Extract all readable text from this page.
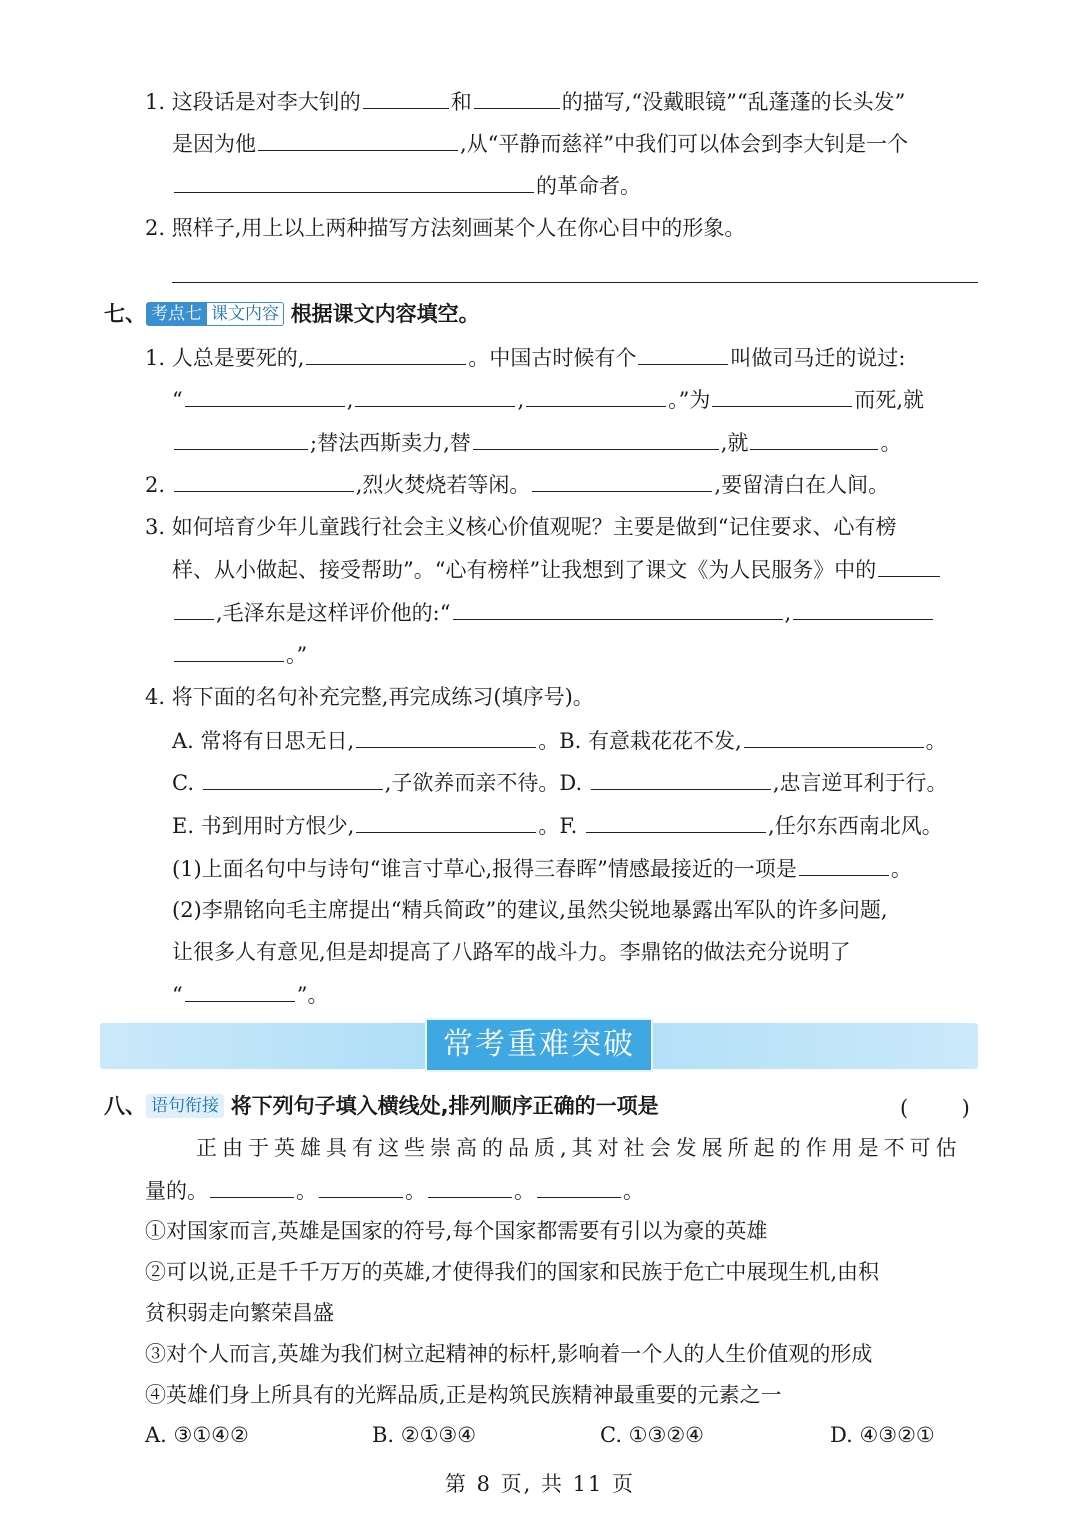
1. 这段话是对李大钊的	和	的描写,“没戴眼镜”“乱蓬蓬的长头发”
是因为他	,从“平静而慈祥”中我们可以体会到李大钊是一个
的革命者。
2. 照样子,用上以上两种描写方法刻画某个人在你心目中的形象。
七、 考点七 课文内容 根据课文内容填空。
1. 人总是要死的,	。中国古时候有个	叫做司马迁的说过:
“	,	,	。”为	而死,就
;替法西斯卖力,替	,就	。
2.	,烈火焚烧若等闲。	,要留清白在人间。
3. 如何培育少年儿童践行社会主义核心价值观呢？主要是做到“记住要求、心有榜
样、从小做起、接受帮助”。“心有榜样”让我想到了课文《为人民服务》中的
,毛泽东是这样评价他的:“	,
。”
4. 将下面的名句补充完整,再完成练习(填序号)。
A. 常将有日思无日,	。B. 有意栽花花不发,	。
C.	,子欲养而亲不待。D.	,忠言逆耳利于行。
E. 书到用时方恨少,	。F.	,任尔东西南北风。
(1)上面名句中与诗句“谁言寸草心,报得三春晖”情感最接近的一项是	。
(2)李鼎铭向毛主席提出“精兵简政”的建议,虽然尖锐地暴露出军队的许多问题,
让很多人有意见,但是却提高了八路军的战斗力。李鼎铭的做法充分说明了
“	”。
常考重难突破
八、 语句衔接 将下列句子填入横线处,排列顺序正确的一项是	(        )
正由于英雄具有这些崇高的品质,其对社会发展所起的作用是不可估
量的。	。	。	。	。
①对国家而言,英雄是国家的符号,每个国家都需要有引以为豪的英雄
②可以说,正是千千万万的英雄,才使得我们的国家和民族于危亡中展现生机,由积
贫积弱走向繁荣昌盛
③对个人而言,英雄为我们树立起精神的标杆,影响着一个人的人生价值观的形成
④英雄们身上所具有的光辉品质,正是构筑民族精神最重要的元素之一
A. ③①④②	B. ②①③④	C. ①③②④	D. ④③②①
第 8 页, 共 11 页
